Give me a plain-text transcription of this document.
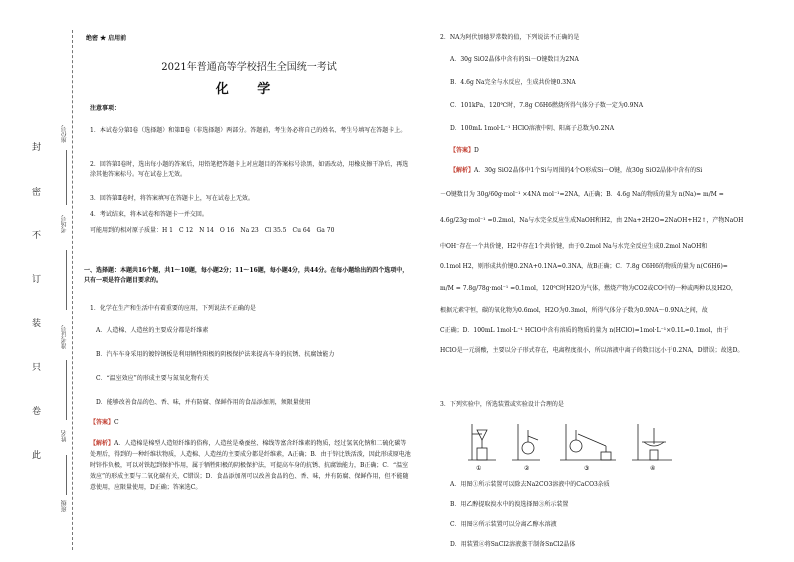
封
密
不
订
装
只
卷
此
班级
姓名
准考证号
考场号
座位号
绝密 ★ 启用前
2021年普通高等学校招生全国统一考试
化 学

注意事项：

1．本试卷分第Ⅰ卷（选择题）和第Ⅱ卷（非选择题）两部分。答题前，考生务必将自己的姓名、考生号填写在答题卡上。

2．回答第Ⅰ卷时，选出每小题的答案后，用铅笔把答题卡上对应题目的答案标号涂黑，如需改动，用橡皮擦干净后，再选涂其他答案标号。写在试卷上无效。

3．回答第Ⅱ卷时，将答案填写在答题卡上，写在试卷上无效。

4．考试结束，将本试卷和答题卡一并交回。

可能用到的相对原子质量：H 1　C 12　N 14　O 16　Na 23　Cl 35.5　Cu 64　Ga 70

一、选择题：本题共16个题，共1～10题，每小题2分；11～16题，每小题4分，共44分。在每小题给出的四个选项中，只有一项是符合题目要求的。

1．化学在生产和生活中有着重要的应用，下列说法不正确的是

A．人造棉、人造丝的主要成分都是纤维素

B．汽车车身采用的镀锌钢板是利用牺牲阳极的阴极保护法来提高车身的抗锈、抗腐蚀能力

C．“温室效应”的形成主要与氮氧化物有关

D．能够改善食品的色、香、味，并有防腐、保鲜作用的食品添加剂，须限量使用

【答案】C

【解析】A．人造棉是棉型人造短纤维的俗称，人造丝是桑蚕丝、棉线等富含纤维素的物质，经过氢氧化钠和二硫化碳等处理后，得到的一种纤维状物质，人造棉、人造丝的主要成分都是纤维素，A正确；B．由于锌比铁活泼，因此形成原电池时锌作负极，可以对铁起到保护作用，属于牺牲阳极的阴极保护法，可提高车身的抗锈、抗腐蚀能力，B正确；C．“温室效应”的形成主要与二氧化碳有关，C错误；D．食品添加剂可以改善食品的色、香、味，并有防腐、保鲜作用，但不能随意使用，应限量使用，D正确；答案选C。

2．NA为阿伏加德罗常数的值，下列说法不正确的是

A．30g SiO2晶体中含有的Si－O键数目为2NA

B．4.6g Na完全与水反应，生成共价键0.3NA

C．101kPa、120℃时，7.8g C6H6燃烧所得气体分子数一定为0.9NA

D．100mL 1mol·L⁻¹ HClO溶液中阴、阳离子总数为0.2NA

【答案】D

【解析】A．30g SiO2晶体中1个Si与周围的4个O形成Si－O键，故30g SiO2晶体中含有的Si

－O键数目为 30g/60g·mol⁻¹ ×4NA mol⁻¹=2NA，A正确；B．4.6g Na的物质的量为 n(Na)= m/M =

4.6g/23g·mol⁻¹ =0.2mol，Na与水完全反应生成NaOH和H2，由 2Na+2H2O=2NaOH+H2↑，产物NaOH

中OH⁻存在一个共价键，H2中存在1个共价键，由于0.2mol Na与水完全反应生成0.2mol NaOH和

0.1mol H2，则形成共价键0.2NA+0.1NA=0.3NA，故B正确；C．7.8g C6H6的物质的量为 n(C6H6)=

m/M = 7.8g/78g·mol⁻¹ =0.1mol，120℃时H2O为气体，燃烧产物为CO2或CO中的一种或两种以及H2O，

根据元素守恒，碳的氧化物为0.6mol，H2O为0.3mol，所得气体分子数为0.9NA～0.9NA之间，故

C正确；D．100mL 1mol·L⁻¹ HClO中含有溶质的物质的量为 n(HClO)=1mol·L⁻¹×0.1L=0.1mol，由于

HClO是一元弱酸，主要以分子形式存在，电离程度很小，所以溶液中离子的数目远小于0.2NA，D错误；故选D。

3．下列实验中，所选装置或实验设计合理的是

①	②	③	④

A．用图①所示装置可以除去Na2CO3溶液中的CaCO3杂质

B．用乙醇提取溴水中的溴选择图③所示装置

C．用图②所示装置可以分离乙醇水溶液

D．用装置④将SnCl2溶液蒸干制备SnCl2晶体
